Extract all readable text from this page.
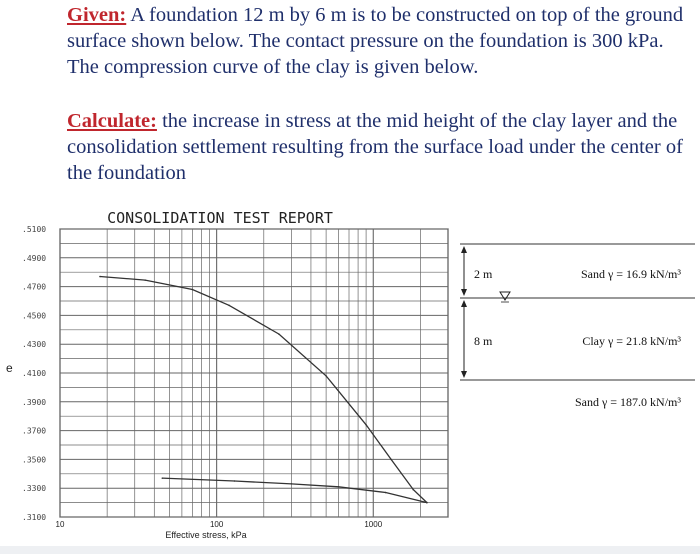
Given: A foundation 12 m by 6 m is to be constructed on top of the ground surface shown below. The contact pressure on the foundation is 300 kPa. The compression curve of the clay is given below.

Calculate: the increase in stress at the mid height of the clay layer and the consolidation settlement resulting from the surface load under the center of the foundation

CONSOLIDATION TEST REPORT
.5100
.4900
.4700
.4500
.4300
.4100
.3900
.3700
.3500
.3300
.3100
10	100	1000
e
Effective stress, kPa
2 m
8 m
Sand γ = 16.9 kN/m³
Clay γ = 21.8 kN/m³
Sand γ = 187.0 kN/m³
